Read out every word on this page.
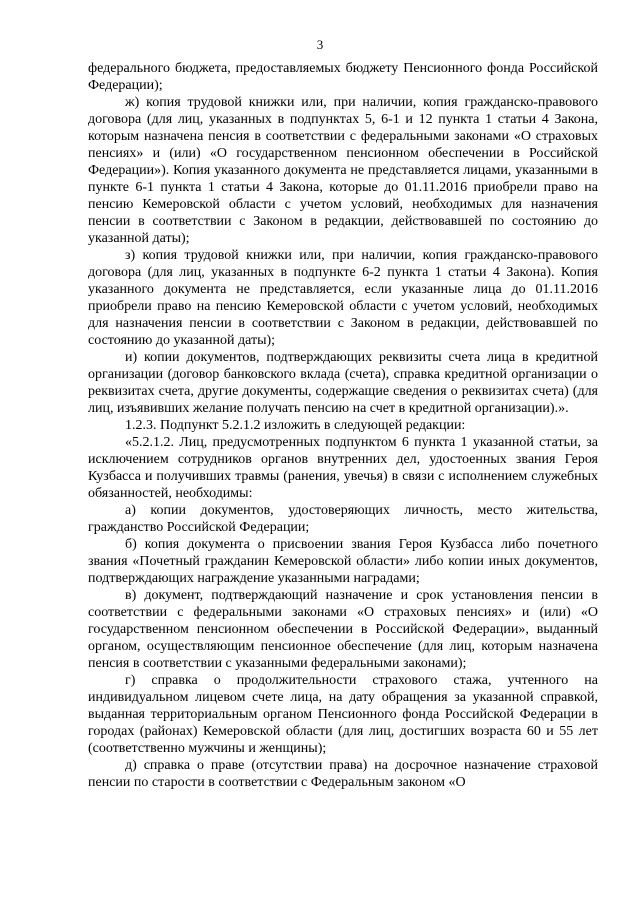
3

федерального бюджета, предоставляемых бюджету Пенсионного фонда Российской Федерации);

ж) копия трудовой книжки или, при наличии, копия гражданско-правового договора (для лиц, указанных в подпунктах 5, 6-1 и 12 пункта 1 статьи 4 Закона, которым назначена пенсия в соответствии с федеральными законами «О страховых пенсиях» и (или) «О государственном пенсионном обеспечении в Российской Федерации»). Копия указанного документа не представляется лицами, указанными в пункте 6-1 пункта 1 статьи 4 Закона, которые до 01.11.2016 приобрели право на пенсию Кемеровской области с учетом условий, необходимых для назначения пенсии в соответствии с Законом в редакции, действовавшей по состоянию до указанной даты);

з) копия трудовой книжки или, при наличии, копия гражданско-правового договора (для лиц, указанных в подпункте 6-2 пункта 1 статьи 4 Закона). Копия указанного документа не представляется, если указанные лица до 01.11.2016 приобрели право на пенсию Кемеровской области с учетом условий, необходимых для назначения пенсии в соответствии с Законом в редакции, действовавшей по состоянию до указанной даты);

и) копии документов, подтверждающих реквизиты счета лица в кредитной организации (договор банковского вклада (счета), справка кредитной организации о реквизитах счета, другие документы, содержащие сведения о реквизитах счета) (для лиц, изъявивших желание получать пенсию на счет в кредитной организации).».

1.2.3. Подпункт 5.2.1.2 изложить в следующей редакции:

«5.2.1.2. Лиц, предусмотренных подпунктом 6 пункта 1 указанной статьи, за исключением сотрудников органов внутренних дел, удостоенных звания Героя Кузбасса и получивших травмы (ранения, увечья) в связи с исполнением служебных обязанностей, необходимы:

а) копии документов, удостоверяющих личность, место жительства, гражданство Российской Федерации;

б) копия документа о присвоении звания Героя Кузбасса либо почетного звания «Почетный гражданин Кемеровской области» либо копии иных документов, подтверждающих награждение указанными наградами;

в) документ, подтверждающий назначение и срок установления пенсии в соответствии с федеральными законами «О страховых пенсиях» и (или) «О государственном пенсионном обеспечении в Российской Федерации», выданный органом, осуществляющим пенсионное обеспечение (для лиц, которым назначена пенсия в соответствии с указанными федеральными законами);

г) справка о продолжительности страхового стажа, учтенного на индивидуальном лицевом счете лица, на дату обращения за указанной справкой, выданная территориальным органом Пенсионного фонда Российской Федерации в городах (районах) Кемеровской области (для лиц, достигших возраста 60 и 55 лет (соответственно мужчины и женщины);

д) справка о праве (отсутствии права) на досрочное назначение страховой пенсии по старости в соответствии с Федеральным законом «О
